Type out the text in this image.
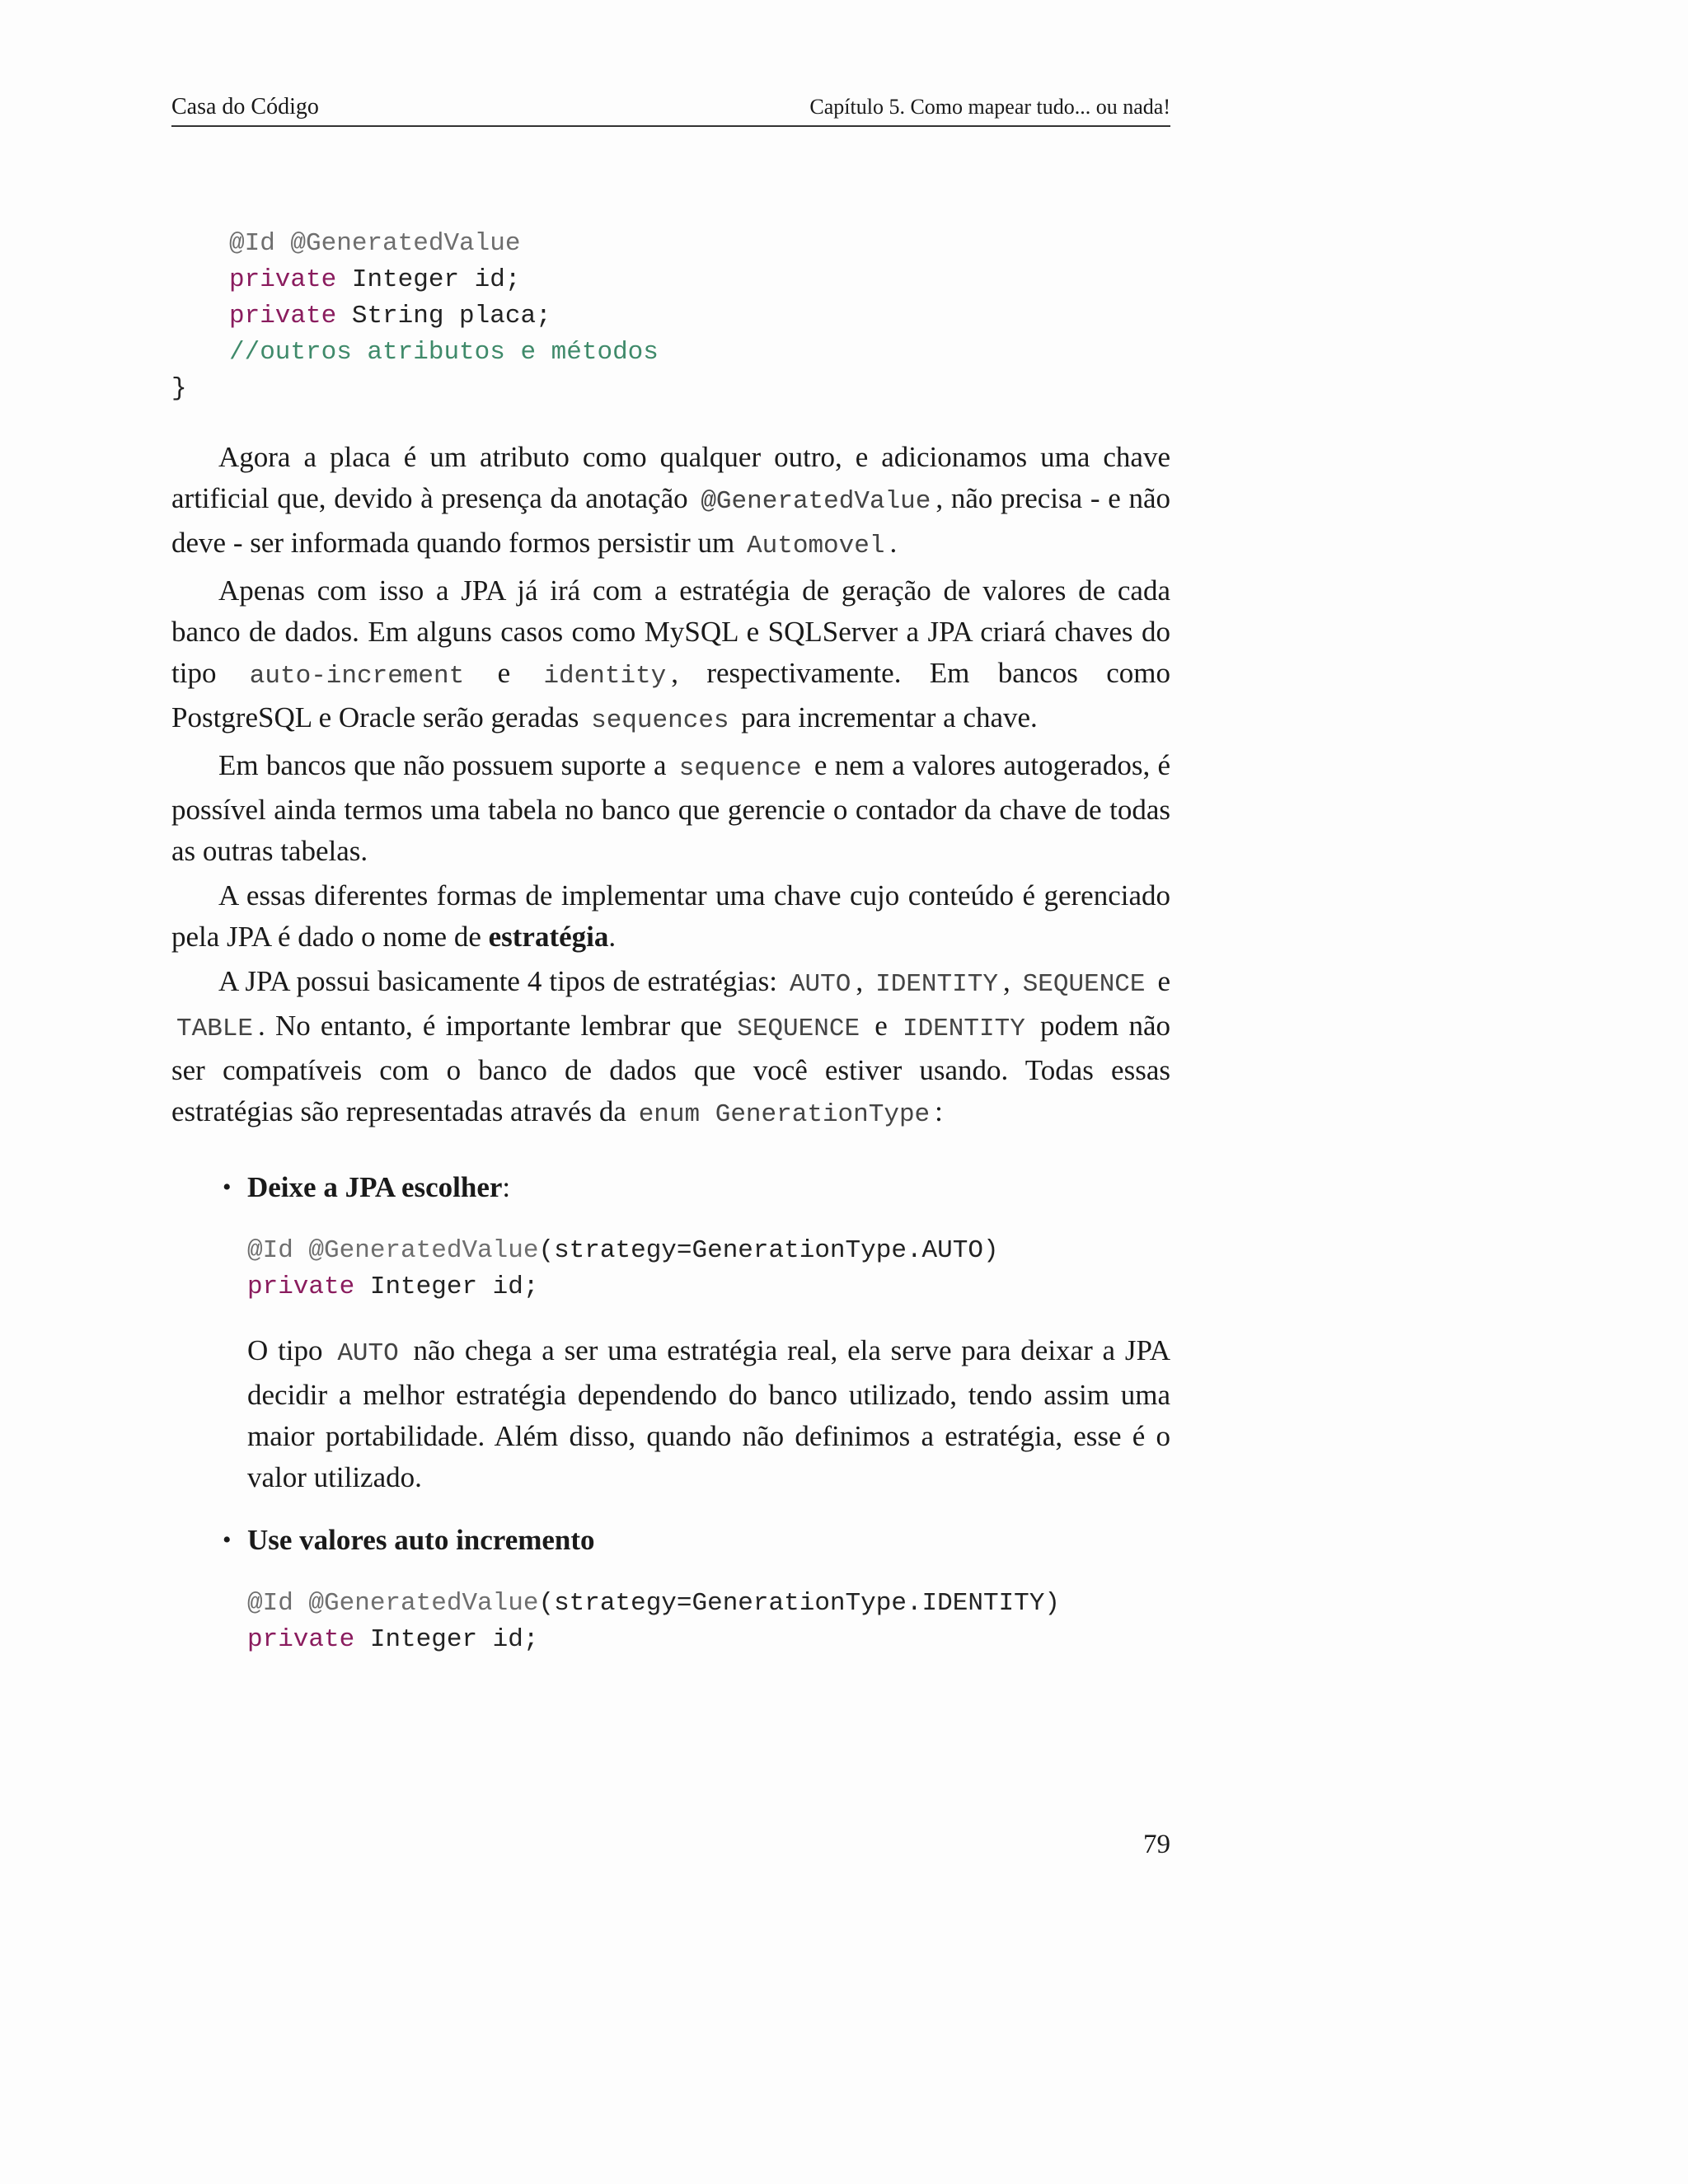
Casa do Código	Capítulo 5. Como mapear tudo... ou nada!
@Id @GeneratedValue
private Integer id;
private String placa;
//outros atributos e métodos
}

Agora a placa é um atributo como qualquer outro, e adicionamos uma chave artificial que, devido à presença da anotação @GeneratedValue , não precisa - e não deve - ser informada quando formos persistir um Automovel .

Apenas com isso a JPA já irá com a estratégia de geração de valores de cada banco de dados. Em alguns casos como MySQL e SQLServer a JPA criará chaves do tipo auto-increment e identity , respectivamente. Em bancos como PostgreSQL e Oracle serão geradas sequences para incrementar a chave.

Em bancos que não possuem suporte a sequence e nem a valores autogerados, é possível ainda termos uma tabela no banco que gerencie o contador da chave de todas as outras tabelas.

A essas diferentes formas de implementar uma chave cujo conteúdo é gerenciado pela JPA é dado o nome de estratégia.

A JPA possui basicamente 4 tipos de estratégias: AUTO , IDENTITY , SEQUENCE e TABLE . No entanto, é importante lembrar que SEQUENCE e IDENTITY podem não ser compatíveis com o banco de dados que você estiver usando. Todas essas estratégias são representadas através da enum GenerationType :

• Deixe a JPA escolher:
@Id @GeneratedValue(strategy=GenerationType.AUTO)
private Integer id;

O tipo AUTO não chega a ser uma estratégia real, ela serve para deixar a JPA decidir a melhor estratégia dependendo do banco utilizado, tendo assim uma maior portabilidade. Além disso, quando não definimos a estratégia, esse é o valor utilizado.

• Use valores auto incremento
@Id @GeneratedValue(strategy=GenerationType.IDENTITY)
private Integer id;
79
